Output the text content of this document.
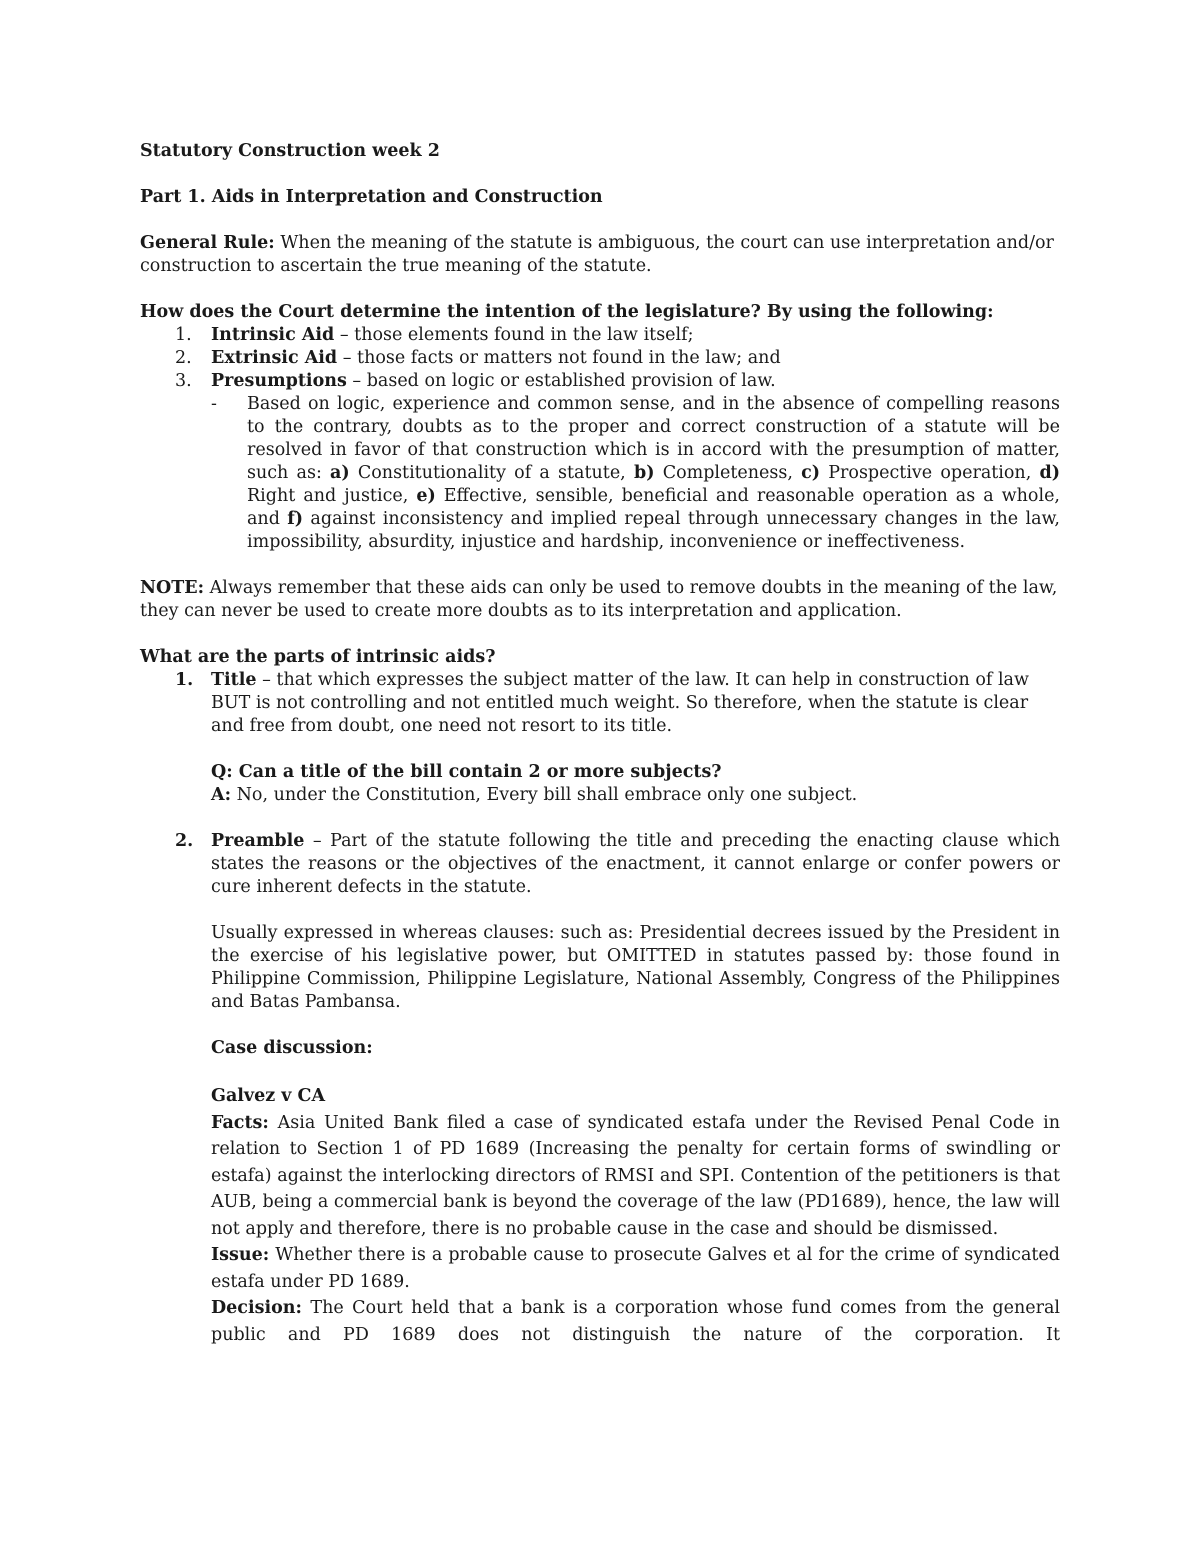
Statutory Construction week 2

Part 1. Aids in Interpretation and Construction

General Rule: When the meaning of the statute is ambiguous, the court can use interpretation and/or construction to ascertain the true meaning of the statute.

How does the Court determine the intention of the legislature? By using the following:

1.	Intrinsic Aid – those elements found in the law itself;
2.	Extrinsic Aid – those facts or matters not found in the law; and
3.	Presumptions – based on logic or established provision of law.
-	Based on logic, experience and common sense, and in the absence of compelling reasons to the contrary, doubts as to the proper and correct construction of a statute will be resolved in favor of that construction which is in accord with the presumption of matter, such as: a) Constitutionality of a statute, b) Completeness, c) Prospective operation, d) Right and justice, e) Effective, sensible, beneficial and reasonable operation as a whole, and f) against inconsistency and implied repeal through unnecessary changes in the law, impossibility, absurdity, injustice and hardship, inconvenience or ineffectiveness.

NOTE: Always remember that these aids can only be used to remove doubts in the meaning of the law, they can never be used to create more doubts as to its interpretation and application.

What are the parts of intrinsic aids?

1.	Title – that which expresses the subject matter of the law. It can help in construction of law BUT is not controlling and not entitled much weight. So therefore, when the statute is clear and free from doubt, one need not resort to its title.

Q: Can a title of the bill contain 2 or more subjects?

A: No, under the Constitution, Every bill shall embrace only one subject.

2.	Preamble – Part of the statute following the title and preceding the enacting clause which states the reasons or the objectives of the enactment, it cannot enlarge or confer powers or cure inherent defects in the statute.

Usually expressed in whereas clauses: such as: Presidential decrees issued by the President in the exercise of his legislative power, but OMITTED in statutes passed by: those found in Philippine Commission, Philippine Legislature, National Assembly, Congress of the Philippines and Batas Pambansa.

Case discussion:

Galvez v CA

Facts: Asia United Bank filed a case of syndicated estafa under the Revised Penal Code in relation to Section 1 of PD 1689 (Increasing the penalty for certain forms of swindling or estafa) against the interlocking directors of RMSI and SPI. Contention of the petitioners is that AUB, being a commercial bank is beyond the coverage of the law (PD1689), hence, the law will not apply and therefore, there is no probable cause in the case and should be dismissed.

Issue: Whether there is a probable cause to prosecute Galves et al for the crime of syndicated estafa under PD 1689.

Decision: The Court held that a bank is a corporation whose fund comes from the general public and PD 1689 does not distinguish the nature of the corporation. It
